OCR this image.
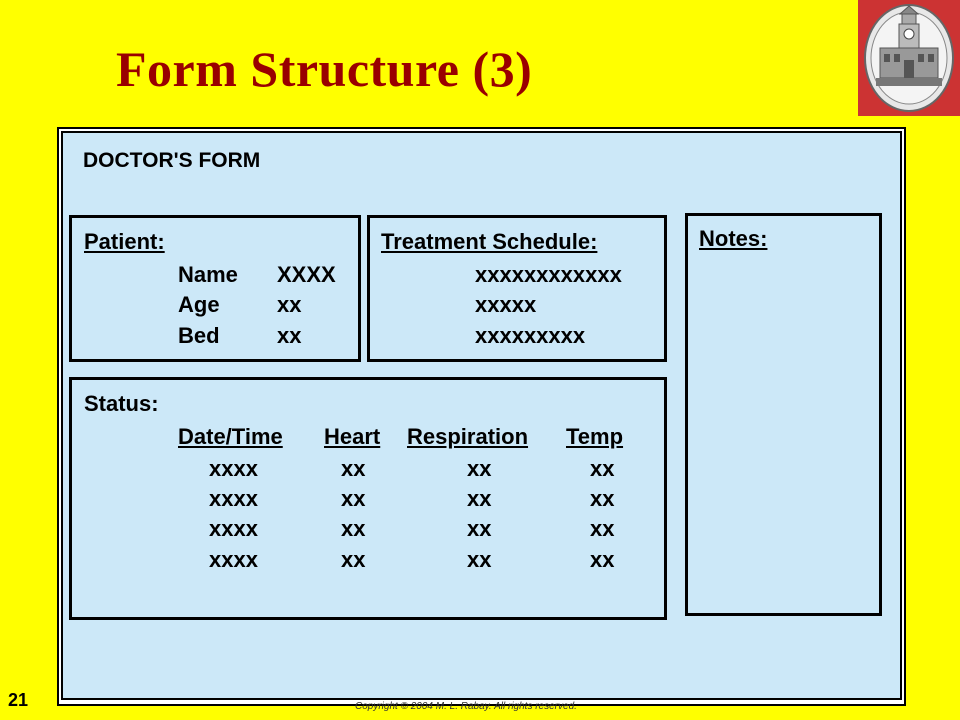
Form Structure (3)
DOCTOR'S FORM
Patient:
Name XXXX
Age	xx
Bed	xx
Treatment Schedule:
xxxxxxxxxxxx
xxxxx
xxxxxxxxx
Notes:
Status:
Date/Time Heart Respiration Temp
xxxx	xx	xx	xx
xxxx	xx	xx	xx
xxxx	xx	xx	xx
xxxx	xx	xx	xx
21	Copyright © 2004 M. L. Rabay. All rights reserved.
